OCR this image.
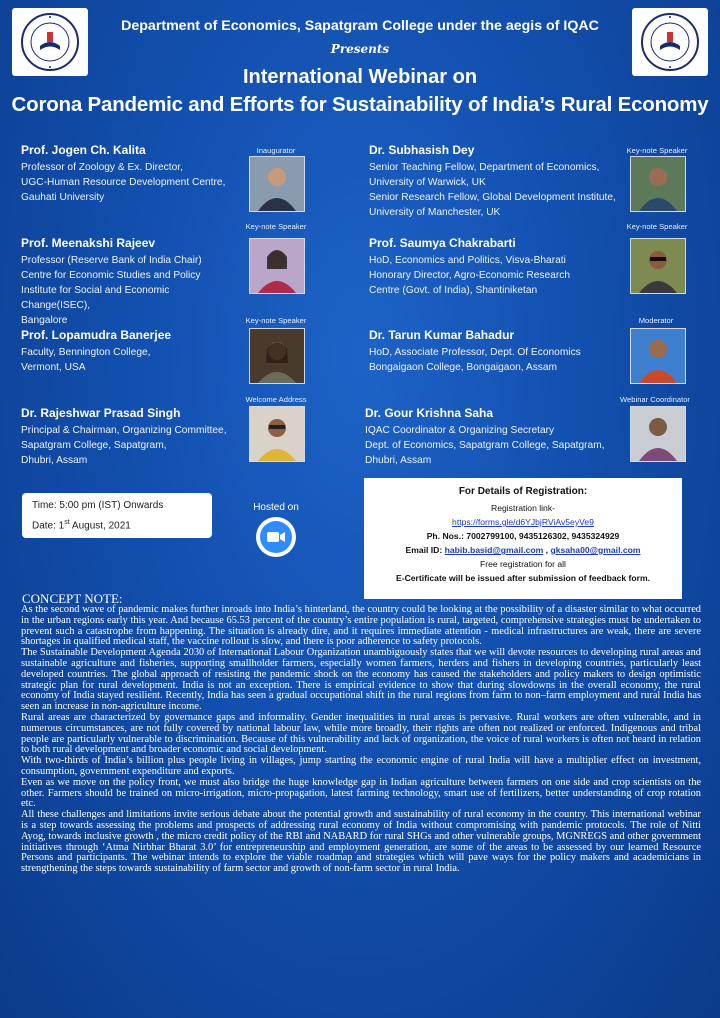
Department of Economics, Sapatgram College under the aegis of IQAC
Presents
International Webinar on
Corona Pandemic and Efforts for Sustainability of India’s Rural Economy
Prof. Jogen Ch. Kalita
Professor of Zoology & Ex. Director,
UGC-Human Resource Development Centre,
Gauhati University
Inaugurator	Dr. Subhasish Dey
Senior Teaching Fellow, Department of Economics,
University of Warwick, UK
Senior Research Fellow, Global Development Institute,
University of Manchester, UK
Key-note Speaker
Key-note Speaker
Prof. Meenakshi Rajeev
Professor (Reserve Bank of India Chair)
Centre for Economic Studies and Policy
Institute for Social and Economic Change(ISEC),
Bangalore
Key-note Speaker
Prof. Saumya Chakrabarti
HoD, Economics and Politics, Visva-Bharati
Honorary Director, Agro-Economic Research
Centre (Govt. of India), Shantiniketan
Key-note Speaker
Prof. Lopamudra Banerjee
Faculty, Bennington College,
Vermont, USA
Moderator
Dr. Tarun Kumar Bahadur
HoD, Associate Professor, Dept. Of Economics
Bongaigaon College, Bongaigaon, Assam
Welcome Address
Dr. Rajeshwar Prasad Singh
Principal & Chairman, Organizing Committee,
Sapatgram College, Sapatgram,
Dhubri, Assam
Webinar Coordinator
Dr. Gour Krishna Saha
IQAC Coordinator & Organizing Secretary
Dept. of Economics, Sapatgram College, Sapatgram,
Dhubri, Assam
Time: 5:00 pm (IST) Onwards
Date: 1st August, 2021
Hosted on
For Details of Registration:
Registration link-
https://forms.gle/d6YJbjRViAv5eyVe9
Ph. Nos.: 7002799100, 9435126302, 9435324929
Email ID: habib.basid@gmail.com , gksaha00@gmail.com
Free registration for all
E-Certificate will be issued after submission of feedback form.
CONCEPT NOTE:

As the second wave of pandemic makes further inroads into India’s hinterland, the country could be looking at the possibility of a disaster similar to what occurred in the urban regions early this year. And because 65.53 percent of the country’s entire population is rural, targeted, comprehensive strategies must be undertaken to prevent such a catastrophe from happening. The situation is already dire, and it requires immediate attention - medical infrastructures are weak, there are severe shortages in qualified medical staff, the vaccine rollout is slow, and there is poor adherence to safety protocols.

The Sustainable Development Agenda 2030 of International Labour Organization unambiguously states that we will devote resources to developing rural areas and sustainable agriculture and fisheries, supporting smallholder farmers, especially women farmers, herders and fishers in developing countries, particularly least developed countries. The global approach of resisting the pandemic shock on the economy has caused the stakeholders and policy makers to design optimistic strategic plan for rural development. India is not an exception. There is empirical evidence to show that during slowdowns in the overall economy, the rural economy of India stayed resilient. Recently, India has seen a gradual occupational shift in the rural regions from farm to non–farm employment and rural India has seen an increase in non-agriculture income.

Rural areas are characterized by governance gaps and informality. Gender inequalities in rural areas is pervasive. Rural workers are often vulnerable, and in numerous circumstances, are not fully covered by national labour law, while more broadly, their rights are often not realized or enforced. Indigenous and tribal people are particularly vulnerable to discrimination. Because of this vulnerability and lack of organization, the voice of rural workers is often not heard in relation to both rural development and broader economic and social development.

With two-thirds of India’s billion plus people living in villages, jump starting the economic engine of rural India will have a multiplier effect on investment, consumption, government expenditure and exports.

Even as we move on the policy front, we must also bridge the huge knowledge gap in Indian agriculture between farmers on one side and crop scientists on the other. Farmers should be trained on micro-irrigation, micro-propagation, latest farming technology, smart use of fertilizers, better understanding of crop rotation etc.

All these challenges and limitations invite serious debate about the potential growth and sustainability of rural economy in the country. This international webinar is a step towards assessing the problems and prospects of addressing rural economy of India without compromising with pandemic protocols. The role of Nitti Ayog, towards inclusive growth , the micro credit policy of the RBI and NABARD for rural SHGs and other vulnerable groups, MGNREGS and other government initiatives through ‘Atma Nirbhar Bharat 3.0’ for entrepreneurship and employment generation, are some of the areas to be assessed by our learned Resource Persons and participants. The webinar intends to explore the viable roadmap and strategies which will pave ways for the policy makers and academicians in strengthening the steps towards sustainability of farm sector and growth of non-farm sector in rural India.
